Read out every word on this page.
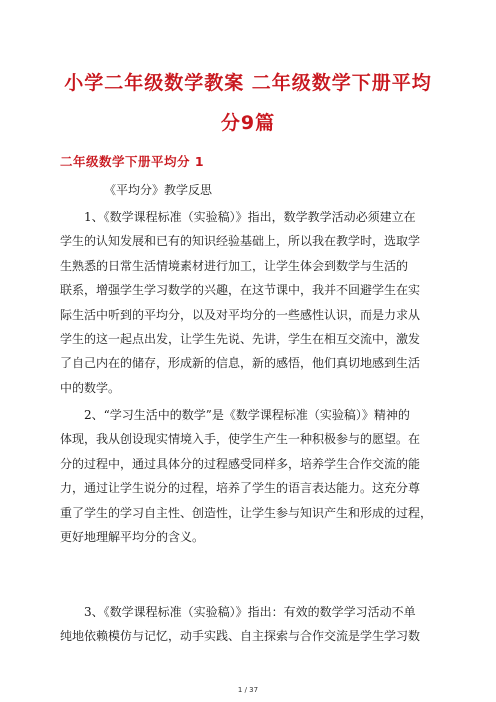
小学二年级数学教案 二年级数学下册平均
分9篇
二年级数学下册平均分 1
《平均分》教学反思
1、《数学课程标准（实验稿）》指出，数学教学活动必须建立在
学生的认知发展和已有的知识经验基础上，所以我在教学时，选取学
生熟悉的日常生活情境素材进行加工，让学生体会到数学与生活的
联系，增强学生学习数学的兴趣，在这节课中，我并不回避学生在实
际生活中听到的平均分，以及对平均分的一些感性认识，而是力求从
学生的这一起点出发，让学生先说、先讲，学生在相互交流中，激发
了自己内在的储存，形成新的信息，新的感悟，他们真切地感到生活
中的数学。
2、“学习生活中的数学”是《数学课程标准（实验稿）》精神的
体现，我从创设现实情境入手，使学生产生一种积极参与的愿望。在
分的过程中，通过具体分的过程感受同样多，培养学生合作交流的能
力，通过让学生说分的过程，培养了学生的语言表达能力。这充分尊
重了学生的学习自主性、创造性，让学生参与知识产生和形成的过程，
更好地理解平均分的含义。
3、《数学课程标准（实验稿）》指出：有效的数学学习活动不单
纯地依赖模仿与记忆，动手实践、自主探索与合作交流是学生学习数
1 / 37
